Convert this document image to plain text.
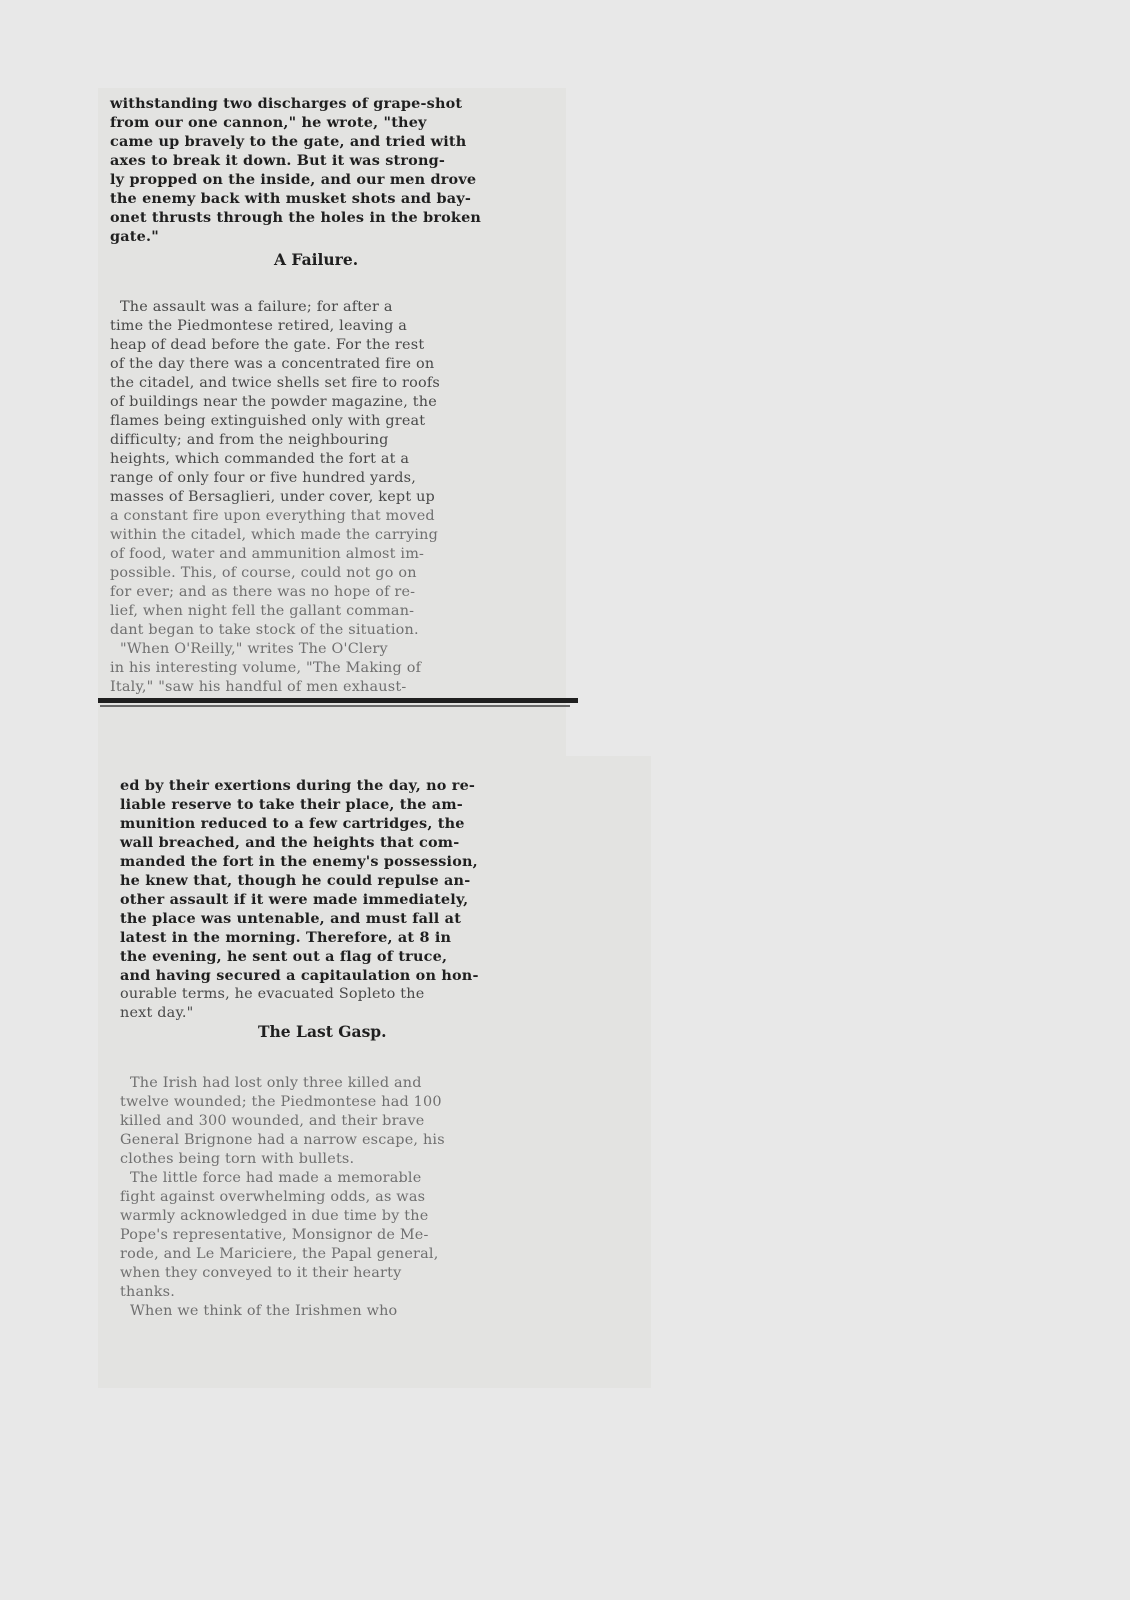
withstanding two discharges of grape-shot
from our one cannon," he wrote, "they
came up bravely to the gate, and tried with
axes to break it down. But it was strong-
ly propped on the inside, and our men drove
the enemy back with musket shots and bay-
onet thrusts through the holes in the broken
gate."
A Failure.
The assault was a failure; for after a
time the Piedmontese retired, leaving a
heap of dead before the gate. For the rest
of the day there was a concentrated fire on
the citadel, and twice shells set fire to roofs
of buildings near the powder magazine, the
flames being extinguished only with great
difficulty; and from the neighbouring
heights, which commanded the fort at a
range of only four or five hundred yards,
masses of Bersaglieri, under cover, kept up
a constant fire upon everything that moved
within the citadel, which made the carrying
of food, water and ammunition almost im-
possible. This, of course, could not go on
for ever; and as there was no hope of re-
lief, when night fell the gallant comman-
dant began to take stock of the situation.
"When O'Reilly," writes The O'Clery
in his interesting volume, "The Making of
Italy," "saw his handful of men exhaust-
ed by their exertions during the day, no re-
liable reserve to take their place, the am-
munition reduced to a few cartridges, the
wall breached, and the heights that com-
manded the fort in the enemy's possession,
he knew that, though he could repulse an-
other assault if it were made immediately,
the place was untenable, and must fall at
latest in the morning. Therefore, at 8 in
the evening, he sent out a flag of truce,
and having secured a capitaulation on hon-
ourable terms, he evacuated Sopleto the
next day."
The Last Gasp.
The Irish had lost only three killed and
twelve wounded; the Piedmontese had 100
killed and 300 wounded, and their brave
General Brignone had a narrow escape, his
clothes being torn with bullets.
The little force had made a memorable
fight against overwhelming odds, as was
warmly acknowledged in due time by the
Pope's representative, Monsignor de Me-
rode, and Le Mariciere, the Papal general,
when they conveyed to it their hearty
thanks.
When we think of the Irishmen who
